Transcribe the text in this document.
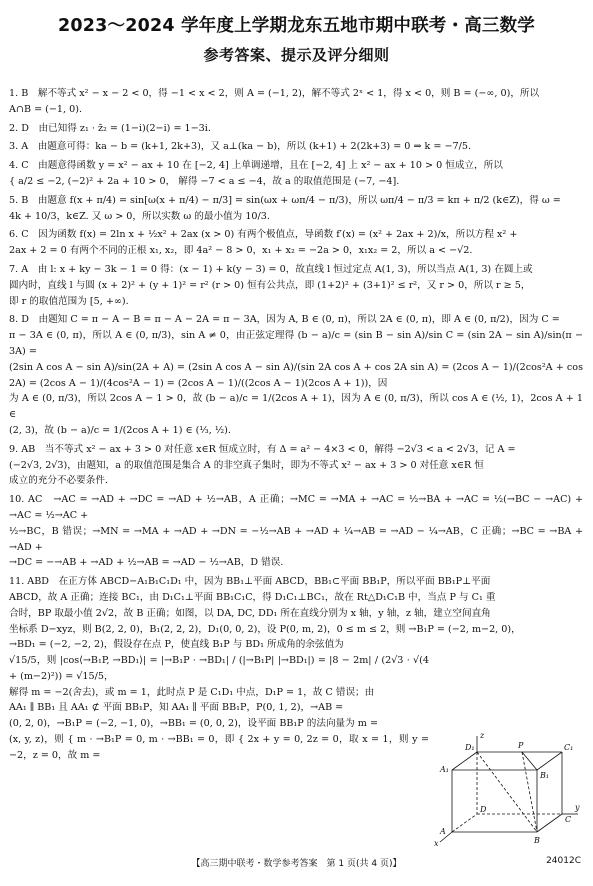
2023～2024 学年度上学期龙东五地市期中联考・高三数学
参考答案、提示及评分细则

1. B　解不等式 x² − x − 2 < 0，得 −1 < x < 2，则 A = (−1, 2)，解不等式 2ˣ < 1，得 x < 0，则 B = (−∞, 0)，所以

A∩B = (−1, 0).

2. D　由已知得 z₁ · z̄₂ = (1−i)(2−i) = 1−3i.

3. A　由题意可得：ka − b = (k+1, 2k+3)，又 a⊥(ka − b)，所以 (k+1) + 2(2k+3) = 0 ⇒ k = −7/5.

4. C　由题意得函数 y = x² − ax + 10 在 [−2, 4] 上单调递增，且在 [−2, 4] 上 x² − ax + 10 > 0 恒成立，所以

{ a/2 ≤ −2, (−2)² + 2a + 10 > 0， 解得 −7 < a ≤ −4，故 a 的取值范围是 (−7, −4].

5. B　由题意 f(x + π/4) = sin[ω(x + π/4) − π/3] = sin(ωx + ωπ/4 − π/3)，所以 ωπ/4 − π/3 = kπ + π/2 (k∈Z)，得 ω =

4k + 10/3，k∈Z. 又 ω > 0，所以实数 ω 的最小值为 10/3.

6. C　因为函数 f(x) = 2ln x + ½x² + 2ax (x > 0) 有两个极值点，导函数 f′(x) = (x² + 2ax + 2)/x，所以方程 x² +

2ax + 2 = 0 有两个不同的正根 x₁, x₂，即 4a² − 8 > 0，x₁ + x₂ = −2a > 0，x₁x₂ = 2，所以 a < −√2.

7. A　由 l: x + ky − 3k − 1 = 0 得：(x − 1) + k(y − 3) = 0，故直线 l 恒过定点 A(1, 3)，所以当点 A(1, 3) 在圆上或

圆内时，直线 l 与圆 (x + 2)² + (y + 1)² = r² (r > 0) 恒有公共点，即 (1+2)² + (3+1)² ≤ r²，又 r > 0，所以 r ≥ 5，

即 r 的取值范围为 [5, +∞).

8. D　由题知 C = π − A − B = π − A − 2A = π − 3A，因为 A, B ∈ (0, π)，所以 2A ∈ (0, π)，即 A ∈ (0, π/2)，因为 C =

π − 3A ∈ (0, π)，所以 A ∈ (0, π/3)，sin A ≠ 0，由正弦定理得 (b − a)/c = (sin B − sin A)/sin C = (sin 2A − sin A)/sin(π − 3A) =

(2sin A cos A − sin A)/sin(2A + A) = (2sin A cos A − sin A)/(sin 2A cos A + cos 2A sin A) = (2cos A − 1)/(2cos²A + cos 2A) = (2cos A − 1)/(4cos²A − 1) = (2cos A − 1)/((2cos A − 1)(2cos A + 1))，因

为 A ∈ (0, π/3)，所以 2cos A − 1 > 0，故 (b − a)/c = 1/(2cos A + 1)，因为 A ∈ (0, π/3)，所以 cos A ∈ (½, 1)，2cos A + 1 ∈

(2, 3)，故 (b − a)/c = 1/(2cos A + 1) ∈ (⅓, ½).

9. AB　当不等式 x² − ax + 3 > 0 对任意 x∈R 恒成立时，有 Δ = a² − 4×3 < 0，解得 −2√3 < a < 2√3，记 A =

(−2√3, 2√3)，由题知，a 的取值范围是集合 A 的非空真子集时，即为不等式 x² − ax + 3 > 0 对任意 x∈R 恒

成立的充分不必要条件.

10. AC　→AC = →AD + →DC = →AD + ½→AB，A 正确；→MC = →MA + →AC = ½→BA + →AC = ½(→BC − →AC) + →AC = ½→AC +

½→BC，B 错误；→MN = →MA + →AD + →DN = −½→AB + →AD + ¼→AB = →AD − ¼→AB，C 正确；→BC = →BA + →AD +

→DC = −→AB + →AD + ½→AB = →AD − ½→AB，D 错误.

11. ABD　在正方体 ABCD−A₁B₁C₁D₁ 中，因为 BB₁⊥平面 ABCD，BB₁⊂平面 BB₁P，所以平面 BB₁P⊥平面

ABCD，故 A 正确；连接 BC₁，由 D₁C₁⊥平面 BB₁C₁C，得 D₁C₁⊥BC₁，故在 Rt△D₁C₁B 中，当点 P 与 C₁ 重

合时，BP 取最小值 2√2，故 B 正确；如图，以 DA, DC, DD₁ 所在直线分别为 x 轴，y 轴，z 轴，建立空间直角

坐标系 D−xyz，则 B(2, 2, 0)，B₁(2, 2, 2)，D₁(0, 0, 2)，设 P(0, m, 2)，0 ≤ m ≤ 2，则 →B₁P = (−2, m−2, 0)，

→BD₁ = (−2, −2, 2)，假设存在点 P，使直线 B₁P 与 BD₁ 所成角的余弦值为

√15/5，则 |cos⟨→B₁P, →BD₁⟩| = |→B₁P · →BD₁| / (|→B₁P| |→BD₁|) = |8 − 2m| / (2√3 · √(4 + (m−2)²)) = √15/5，

解得 m = −2(舍去)，或 m = 1，此时点 P 是 C₁D₁ 中点，D₁P = 1，故 C 错误；由

AA₁ ∥ BB₁ 且 AA₁ ⊄ 平面 BB₁P，知 AA₁ ∥ 平面 BB₁P，P(0, 1, 2)，→AB =

(0, 2, 0)，→B₁P = (−2, −1, 0)，→BB₁ = (0, 0, 2)，设平面 BB₁P 的法向量为 m =

(x, y, z)，则 { m · →B₁P = 0, m · →BB₁ = 0，即 { 2x + y = 0, 2z = 0，取 x = 1，则 y = −2，z = 0，故 m =

z
y
x
D₁
A₁
B₁
C₁
P
D
C
A
B
【高三期中联考・数学参考答案　第 1 页(共 4 页)】	24012C
